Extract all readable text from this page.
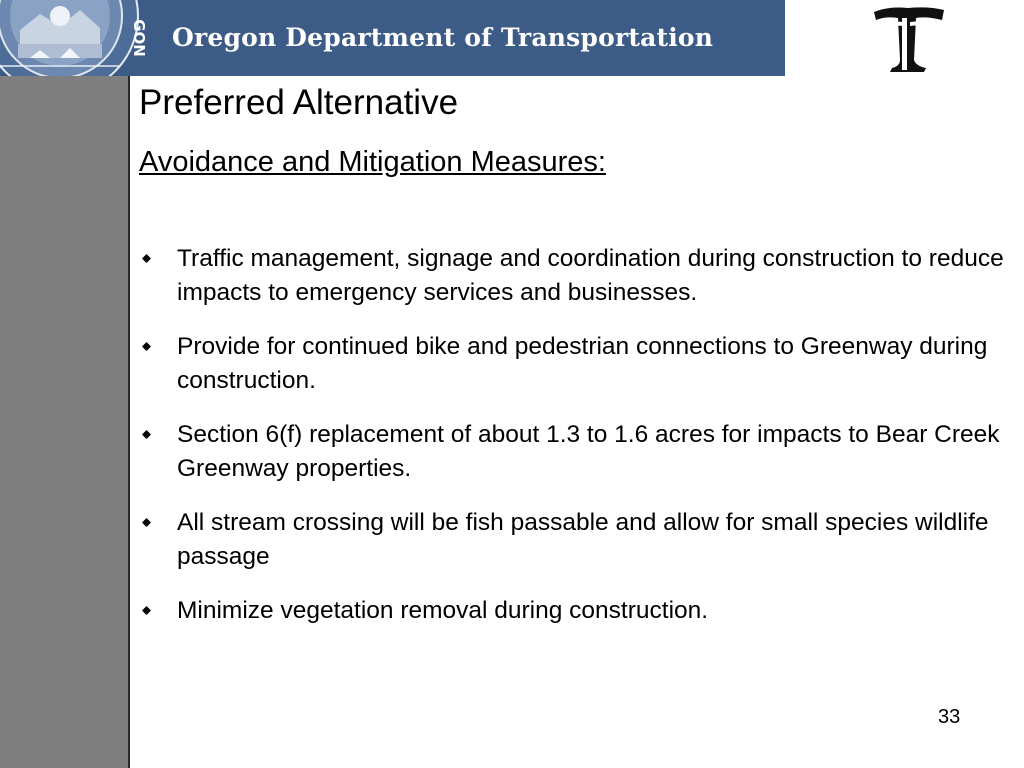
GON Oregon Department of Transportation
Preferred Alternative
Avoidance and Mitigation Measures:
Traffic management, signage and coordination during construction to reduce impacts to emergency services and businesses.
Provide for continued bike and pedestrian connections to Greenway during construction.
Section 6(f) replacement of about 1.3 to 1.6 acres for impacts to Bear Creek Greenway properties.
All stream crossing will be fish passable and allow for small species wildlife passage
Minimize vegetation removal during construction.
33
